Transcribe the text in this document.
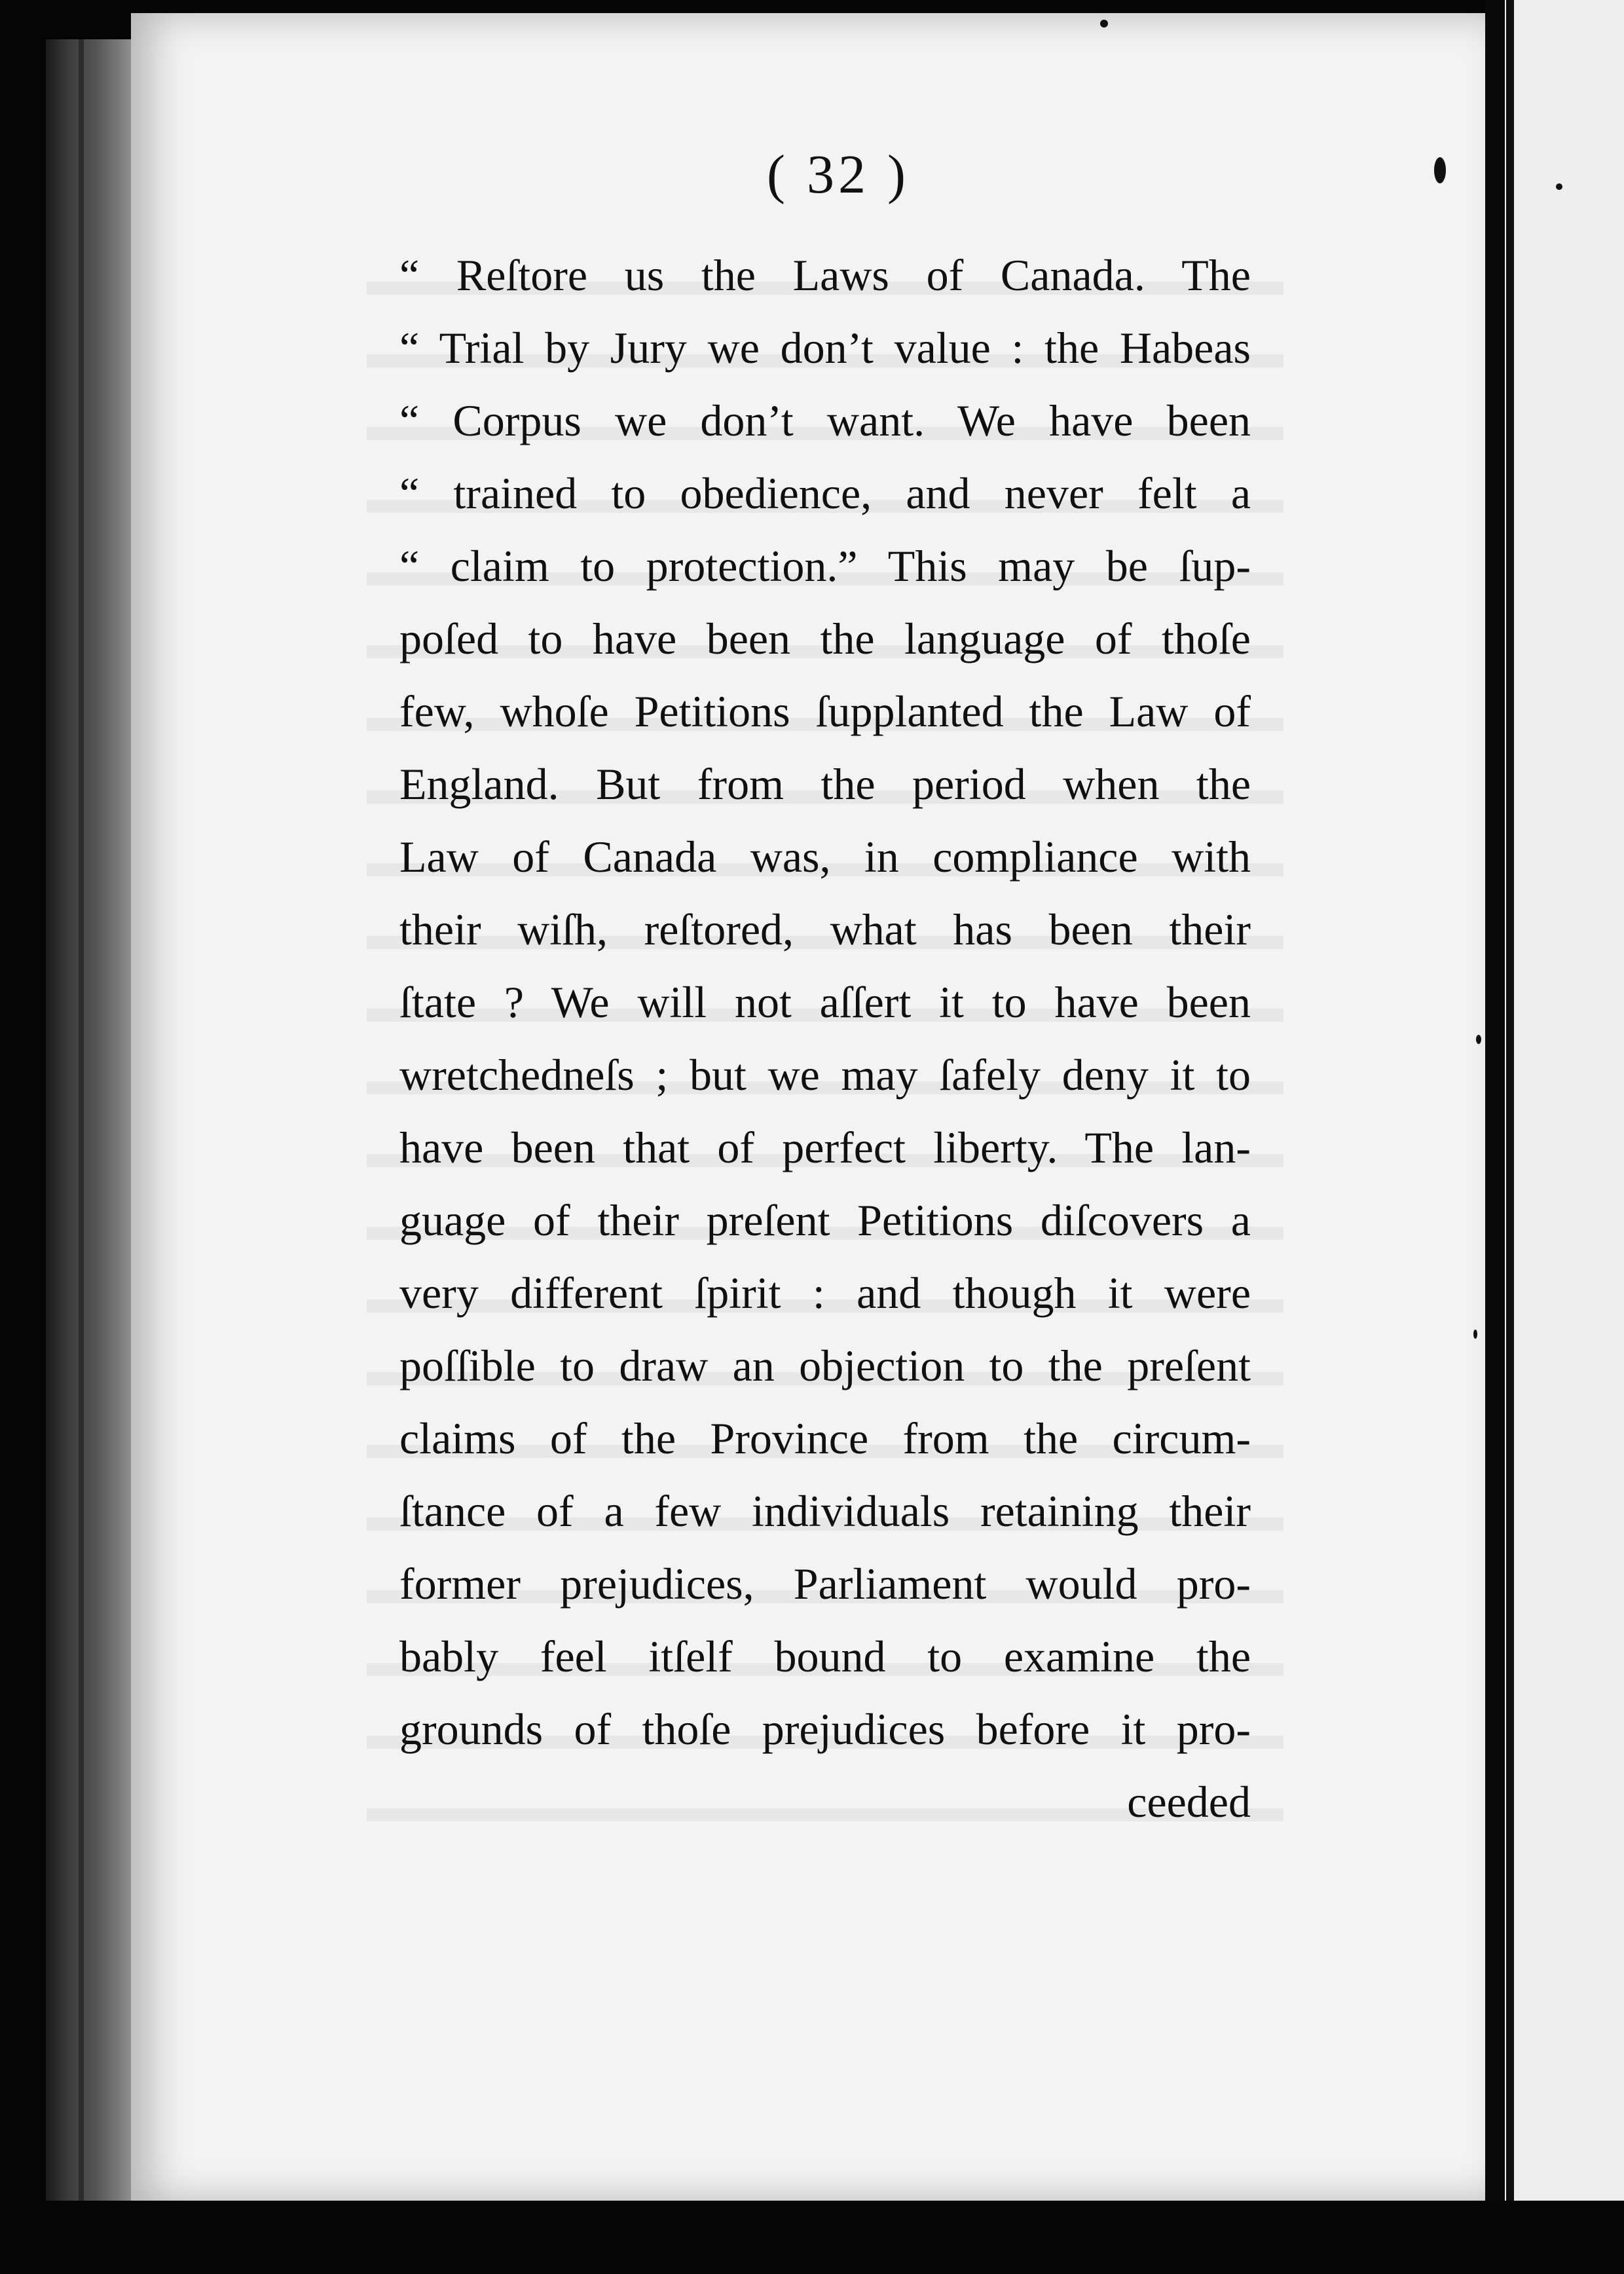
( 32 )
“ Reſtore us the Laws of Canada. The
“ Trial by Jury we don’t value : the Habeas
“ Corpus we don’t want. We have been
“ trained to obedience, and never felt a
“ claim to protection.” This may be ſup-
poſed to have been the language of thoſe
few, whoſe Petitions ſupplanted the Law of
England. But from the period when the
Law of Canada was, in compliance with
their wiſh, reſtored, what has been their
ſtate ? We will not aſſert it to have been
wretchedneſs ; but we may ſafely deny it to
have been that of perfect liberty. The lan-
guage of their preſent Petitions diſcovers a
very different ſpirit : and though it were
poſſible to draw an objection to the preſent
claims of the Province from the circum-
ſtance of a few individuals retaining their
former prejudices, Parliament would pro-
bably feel itſelf bound to examine the
grounds of thoſe prejudices before it pro-
ceeded
